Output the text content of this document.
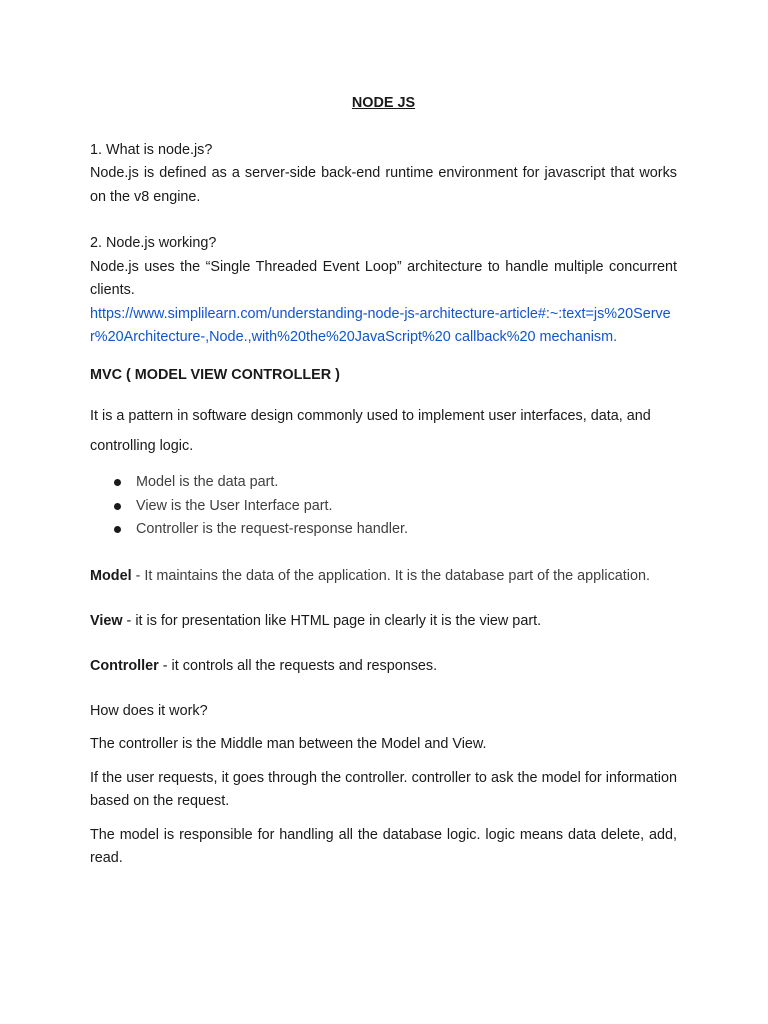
NODE JS

1. What is node.js?

Node.js is defined as a server-side back-end runtime environment for javascript that works on the v8 engine.

2. Node.js working?

Node.js uses the “Single Threaded Event Loop” architecture to handle multiple concurrent clients.

https://www.simplilearn.com/understanding-node-js-architecture-article#:~:text=js%20Server%20Architecture-,Node.,with%20the%20JavaScript%20 callback%20 mechanism.

MVC ( MODEL VIEW CONTROLLER )

It is a pattern in software design commonly used to implement user interfaces, data, and controlling logic.

Model is the data part.
View is the User Interface part.
Controller is the request-response handler.

Model - It maintains the data of the application. It is the database part of the application.

View - it is for presentation like HTML page in clearly it is the view part.

Controller - it controls all the requests and responses.

How does it work?

The controller is the Middle man between the Model and View.

If the user requests, it goes through the controller. controller to ask the model for information based on the request.

The model is responsible for handling all the database logic. logic means data delete, add, read.
